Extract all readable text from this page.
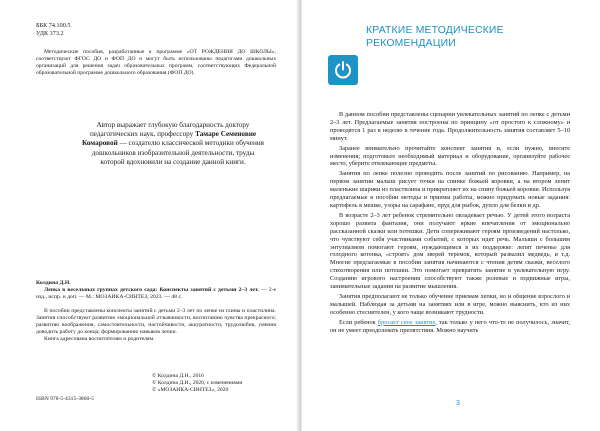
ББК 74.100.5
УДК 373.2
Методические пособия, разработанные к программе «ОТ РОЖДЕНИЯ ДО ШКОЛЫ», соответствуют ФГОС ДО и ФОП ДО и могут быть использованы педагогами дошкольных организаций для решения задач образовательных программ, соответствующих Федеральной образовательной программе дошкольного образования (ФОП ДО).
Автор выражает глубокую благодарность доктору педагогических наук, профессору Тамаре Семеновне Комаровой — создателю классической методики обучения дошкольников изобразительной деятельности, труды которой вдохновили на создание данной книги.

Колдина Д.Н.

Лепка в весельных группах детского сада: Конспекты занятий с детьми 2–3 лет. — 2-е изд., испр. и доп. — М.: МОЗАИКА-СИНТЕЗ, 2023. — 48 с.

В пособии представлены конспекты занятий с детьми 2–3 лет по лепке из глины и пластилина. Занятия способствуют развитию эмоциональной отзывчивости, воспитанию чувства прекрасного; развитию воображения, самостоятельности, настойчивости, аккуратности, трудолюбия, умения доводить работу до конца; формированию навыков лепки.

Книга адресована воспитателям и родителям.

© Колдина Д.Н., 2016
© Колдина Д.Н., 2020, с изменениями
© «МОЗАИКА-СИНТЕЗ», 2020
ISBN 978-5-4315-3860-5
КРАТКИЕ МЕТОДИЧЕСКИЕ
РЕКОМЕНДАЦИИ

В данном пособии представлены сценарии увлекательных занятий по лепке с детьми 2–3 лет. Предлагаемые занятия построены по принципу «от простого к сложному» и проводятся 1 раз в неделю в течение года. Продолжительность занятия составляет 5–10 минут.

Заранее внимательно прочитайте конспект занятия и, если нужно, внесите изменения; подготовьте необходимый материал и оборудование, организуйте рабочее место, уберите отвлекающие предметы.

Занятия по лепке полезно проводить после занятий по рисованию. Например, на первом занятии малыш рисует точки на спинке божьей коровки, а на втором лепит маленькие шарики из пластилина и прикрепляет их на спину божьей коровки. Используя предлагаемые в пособии методы и приемы работы, можно придумать новые задания: картофель в мешке, узоры на сарафане, пруд для рыбок, дупло для белки и др.

В возрасте 2–3 лет ребенок стремительно овладевает речью. У детей этого возраста хорошо развита фантазия, они получают яркие впечатления от эмоционально рассказанной сказки или потешки. Дети сопереживают героям произведений настолько, что чувствуют себя участниками событий, с которых идет речь. Малыши с большим энтузиазмом помогают героям, нуждающимся в их поддержке: лепят печенье для голодного котенка, «строят» дом зверей теремок, который развалил медведь, и т.д. Многие предлагаемые в пособии занятия начинаются с чтения детям сказки, веселого стихотворения или потешки. Это помогает превратить занятие в увлекательную игру. Созданию игрового настроения способствуют также ролевые и подвижные игры, занимательные задания на развитие мышления.

Занятия предполагают не только обучение приемам лепки, но и общение взрослого и малышей. Наблюдая за детьми на занятиях или в игре, можно выяснить, кто из них особенно стеснителен, у кого чаще возникают трудности.

Если ребенок бросает свое занятие, так только у него что-то не получилось, значит, он не умеет преодолевать препятствия. Можно научить

3
